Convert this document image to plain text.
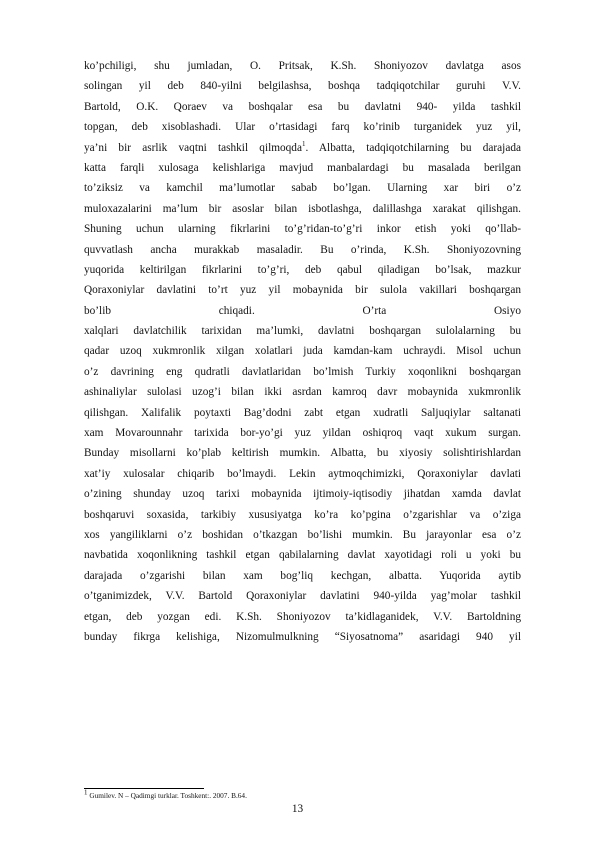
ko’pchiligi, shu jumladan, O. Pritsak, K.Sh. Shoniyozov davlatga asos
solingan yil deb 840-yilni belgilashsa, boshqa tadqiqotchilar guruhi V.V.
Bartold, O.K. Qoraev va boshqalar esa bu davlatni 940- yilda tashkil
topgan, deb xisoblashadi. Ular o’rtasidagi farq ko’rinib turganidek yuz yil,
ya’ni bir asrlik vaqtni tashkil qilmoqda$^1$. Albatta, tadqiqotchilarning bu darajada
katta farqli xulosaga kelishlariga mavjud manbalardagi bu masalada berilgan
to’ziksiz va kamchil ma’lumotlar sabab bo’lgan. Ularning xar biri o’z
muloxazalarini ma’lum bir asoslar bilan isbotlashga, dalillashga xarakat qilishgan.
Shuning uchun ularning fikrlarini to’g’ridan-to’g’ri inkor etish yoki qo’llab-
quvvatlash ancha murakkab masaladir. Bu o’rinda, K.Sh. Shoniyozovning
yuqorida keltirilgan fikrlarini to’g’ri, deb qabul qiladigan bo’lsak, mazkur
Qoraxoniylar davlatini to’rt yuz yil mobaynida bir sulola vakillari boshqargan
bo’lib chiqadi. O’rta Osiyo
xalqlari davlatchilik tarixidan ma’lumki, davlatni boshqargan sulolalarning bu
qadar uzoq xukmronlik xilgan xolatlari juda kamdan-kam uchraydi. Misol uchun
o’z davrining eng qudratli davlatlaridan bo’lmish Turkiy xoqonlikni boshqargan
ashinaliylar sulolasi uzog’i bilan ikki asrdan kamroq davr mobaynida xukmronlik
qilishgan. Xalifalik poytaxti Bag’dodni zabt etgan xudratli Saljuqiylar saltanati
xam Movarounnahr tarixida bor-yo’gi yuz yildan oshiqroq vaqt xukum surgan.
Bunday misollarni ko’plab keltirish mumkin. Albatta, bu xiyosiy solishtirishlardan
xat’iy xulosalar chiqarib bo’lmaydi. Lekin aytmoqchimizki, Qoraxoniylar davlati
o’zining shunday uzoq tarixi mobaynida ijtimoiy-iqtisodiy jihatdan xamda davlat
boshqaruvi soxasida, tarkibiy xususiyatga ko’ra ko’pgina o’zgarishlar va o’ziga
xos yangiliklarni o’z boshidan o’tkazgan bo’lishi mumkin. Bu jarayonlar esa o’z
navbatida xoqonlikning tashkil etgan qabilalarning davlat xayotidagi roli u yoki bu
darajada o’zgarishi bilan xam bog’liq kechgan, albatta. Yuqorida aytib
o’tganimizdek, V.V. Bartold Qoraxoniylar davlatini 940-yilda yag’molar tashkil
etgan, deb yozgan edi. K.Sh. Shoniyozov ta’kidlaganidek, V.V. Bartoldning
bunday fikrga kelishiga, Nizomulmulkning “Siyosatnoma” asaridagi 940 yil
$^1$ Gumilev. N – Qadimgi turklar. Toshkent:. 2007. B.64.
13
